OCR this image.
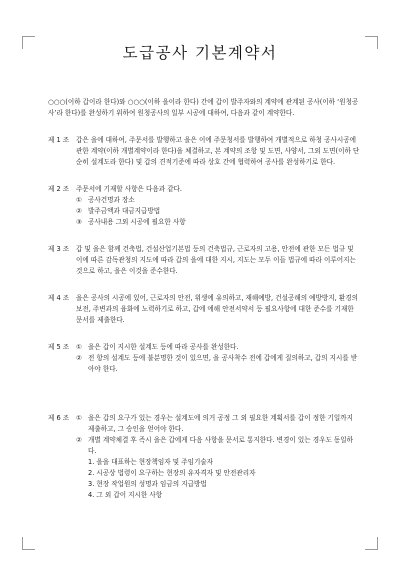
도급공사 기본계약서

○○○(이하 갑이라 한다)와 ○○○(이하 을이라 한다) 간에 갑이 발주자와의 계약에 관계된 공사(이하 ‘원청공사’라 한다)를 완성하기 위하여 원청공사의 일부 시공에 대하여, 다음과 같이 계약한다.

제 1 조	갑은 을에 대하여, 주문서를 발행하고 을은 이에 주문청서를 발행하여 개별적으로 하청 공사시공에 관한 계약(이하 개별계약이라 한다)을 체결하고, 본 계약의 조항 및 도면, 사양서, 그외 도면(이하 단순히 설계도라 한다) 및 갑의 견적기준에 따라 상호 간에 협력하여 공사를 완성하기로 한다.
제 2 조	주문서에 기재할 사항은 다음과 같다.
① 공사건명과 장소
② 발주금액과 대금지급방법
③ 공사내용 그외 시공에 필요한 사항
제 3 조	갑 및 을은 함께 건축법, 건설산업기본법 등의 건축법규, 근로자의 고용, 안전에 관한 모든 법규 및 이에 따른 감독관청의 지도에 따라 갑의 을에 대한 지시, 지도는 모두 이들 법규에 따라 이루어지는 것으로 하고, 을은 이것을 준수한다.
제 4 조	을은 공사의 시공에 있어, 근로자의 안전, 위생에 유의하고, 재해예방, 건설공해의 예방방지, 환경의 보전, 주변과의 융화에 노력하기로 하고, 갑에 에해 안전서약서 등 필요사항에 대한 준수를 기재한 문서를 제출한다.
제 5 조	① 을은 갑이 지시한 설계도 등에 따라 공사를 완성한다.
② 전 항의 설계도 등에 불분명한 것이 있으면, 을 공사착수 전에 갑에게 질의하고, 갑의 지시를 받아야 한다.
제 6 조	① 을은 갑의 요구가 있는 경우는 설계도에 의거 공정 그 외 필요한 계획서를 갑이 정한 기일까지 제출하고, 그 승인을 얻어야 한다.
② 개별 계약체결 후 즉시 을은 갑에게 다음 사항을 문서로 통지한다. 변경이 있는 경우도 동일하다.
1. 을을 대표하는 현장책임자 및 주임기술자
2. 시공상 법령이 요구하는 현장의 유자격자 및 안전관리자
3. 현장 작업원의 성명과 임금의 지급방법
4. 그 외 갑이 지시한 사항
